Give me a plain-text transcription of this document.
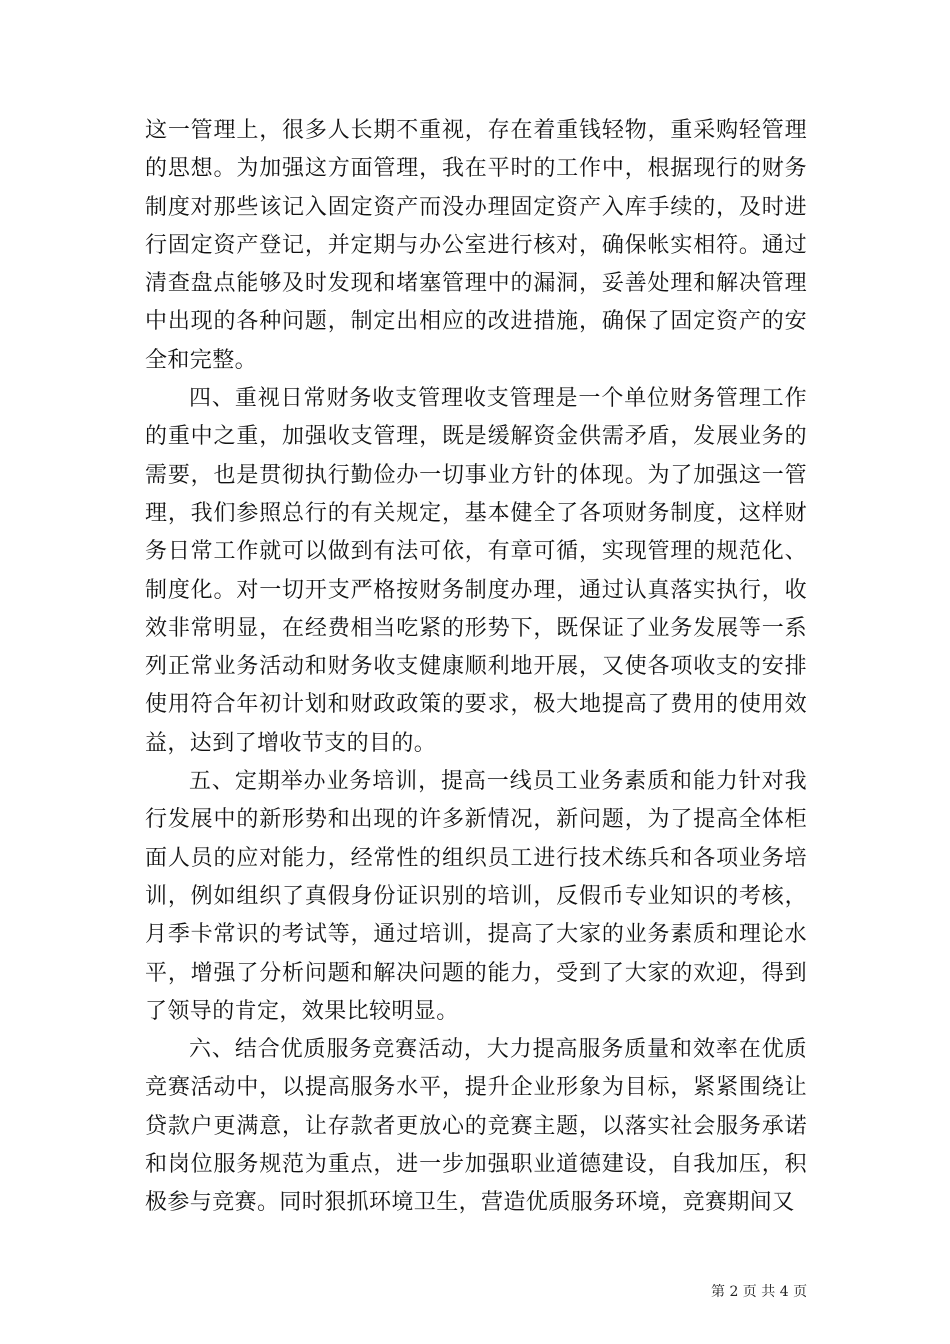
这一管理上，很多人长期不重视，存在着重钱轻物，重采购轻管理的思想。为加强这方面管理，我在平时的工作中，根据现行的财务制度对那些该记入固定资产而没办理固定资产入库手续的，及时进行固定资产登记，并定期与办公室进行核对，确保帐实相符。通过清查盘点能够及时发现和堵塞管理中的漏洞，妥善处理和解决管理中出现的各种问题，制定出相应的改进措施，确保了固定资产的安全和完整。

四、重视日常财务收支管理收支管理是一个单位财务管理工作的重中之重，加强收支管理，既是缓解资金供需矛盾，发展业务的需要，也是贯彻执行勤俭办一切事业方针的体现。为了加强这一管理，我们参照总行的有关规定，基本健全了各项财务制度，这样财务日常工作就可以做到有法可依，有章可循，实现管理的规范化、制度化。对一切开支严格按财务制度办理，通过认真落实执行，收效非常明显，在经费相当吃紧的形势下，既保证了业务发展等一系列正常业务活动和财务收支健康顺利地开展，又使各项收支的安排使用符合年初计划和财政政策的要求，极大地提高了费用的使用效益，达到了增收节支的目的。

五、定期举办业务培训，提高一线员工业务素质和能力针对我行发展中的新形势和出现的许多新情况，新问题，为了提高全体柜面人员的应对能力，经常性的组织员工进行技术练兵和各项业务培训，例如组织了真假身份证识别的培训，反假币专业知识的考核，月季卡常识的考试等，通过培训，提高了大家的业务素质和理论水平，增强了分析问题和解决问题的能力，受到了大家的欢迎，得到了领导的肯定，效果比较明显。

六、结合优质服务竞赛活动，大力提高服务质量和效率在优质竞赛活动中，以提高服务水平，提升企业形象为目标，紧紧围绕让贷款户更满意，让存款者更放心的竞赛主题，以落实社会服务承诺和岗位服务规范为重点，进一步加强职业道德建设，自我加压，积极参与竞赛。同时狠抓环境卫生，营造优质服务环境，竞赛期间又

第 2 页 共 4 页
